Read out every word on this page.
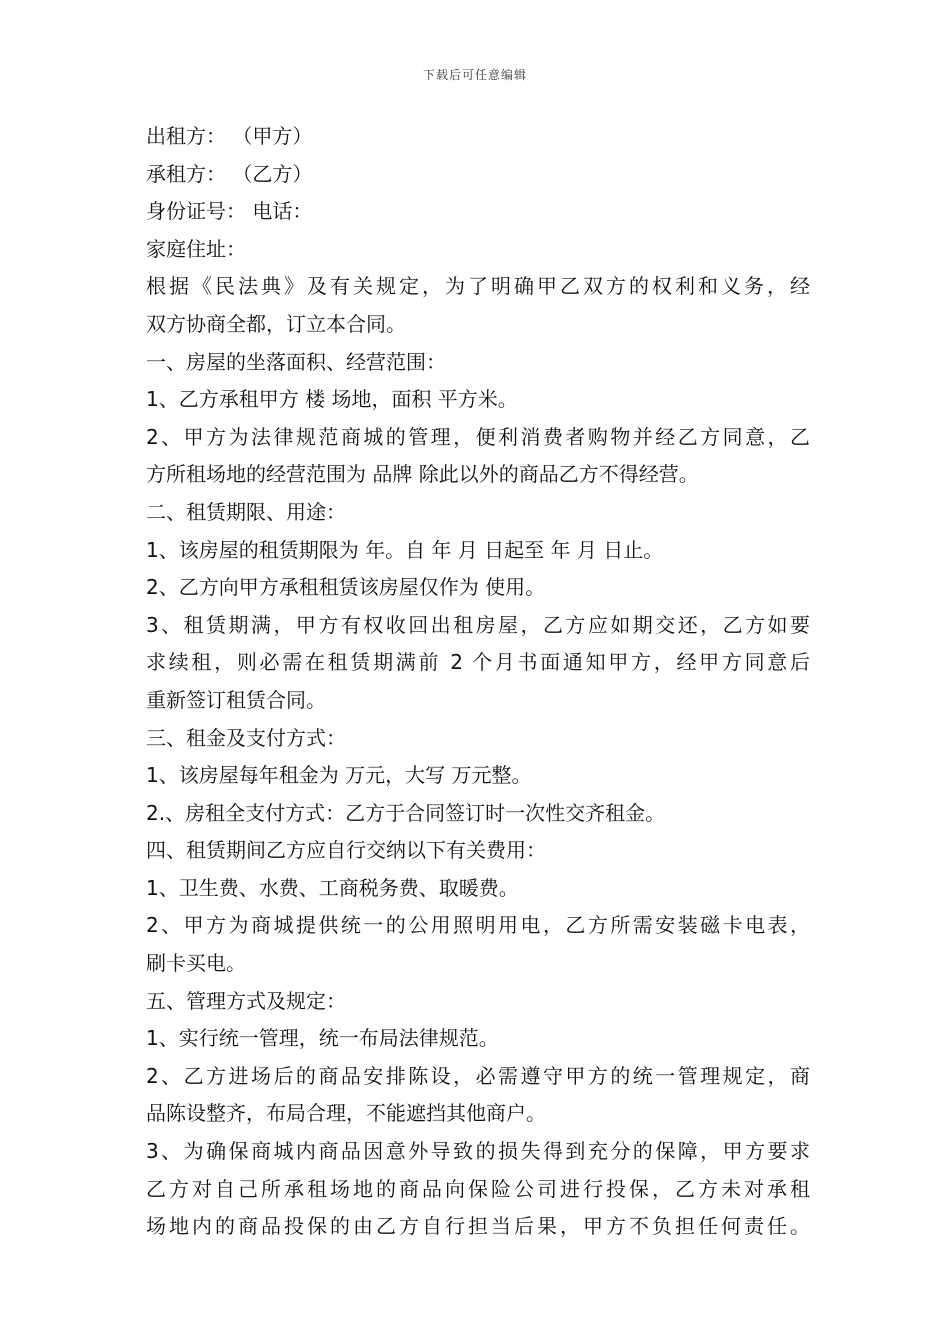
下载后可任意编辑
出租方： （甲方）
承租方： （乙方）
身份证号： 电话：
家庭住址：
根据《民法典》及有关规定，为了明确甲乙双方的权利和义务，经
双方协商全都，订立本合同。
一、房屋的坐落面积、经营范围：
1、乙方承租甲方 楼 场地，面积 平方米。
2、甲方为法律规范商城的管理，便利消费者购物并经乙方同意，乙
方所租场地的经营范围为 品牌 除此以外的商品乙方不得经营。
二、租赁期限、用途：
1、该房屋的租赁期限为 年。自 年 月 日起至 年 月 日止。
2、乙方向甲方承租租赁该房屋仅作为 使用。
3、租赁期满，甲方有权收回出租房屋，乙方应如期交还，乙方如要
求续租，则必需在租赁期满前 2 个月书面通知甲方，经甲方同意后
重新签订租赁合同。
三、租金及支付方式：
1、该房屋每年租金为 万元，大写 万元整。
2.、房租全支付方式：乙方于合同签订时一次性交齐租金。
四、租赁期间乙方应自行交纳以下有关费用：
1、卫生费、水费、工商税务费、取暖费。
2、甲方为商城提供统一的公用照明用电，乙方所需安装磁卡电表，
刷卡买电。
五、管理方式及规定：
1、实行统一管理，统一布局法律规范。
2、乙方进场后的商品安排陈设，必需遵守甲方的统一管理规定，商
品陈设整齐，布局合理，不能遮挡其他商户。
3、为确保商城内商品因意外导致的损失得到充分的保障，甲方要求
乙方对自己所承租场地的商品向保险公司进行投保，乙方未对承租
场地内的商品投保的由乙方自行担当后果，甲方不负担任何责任。
